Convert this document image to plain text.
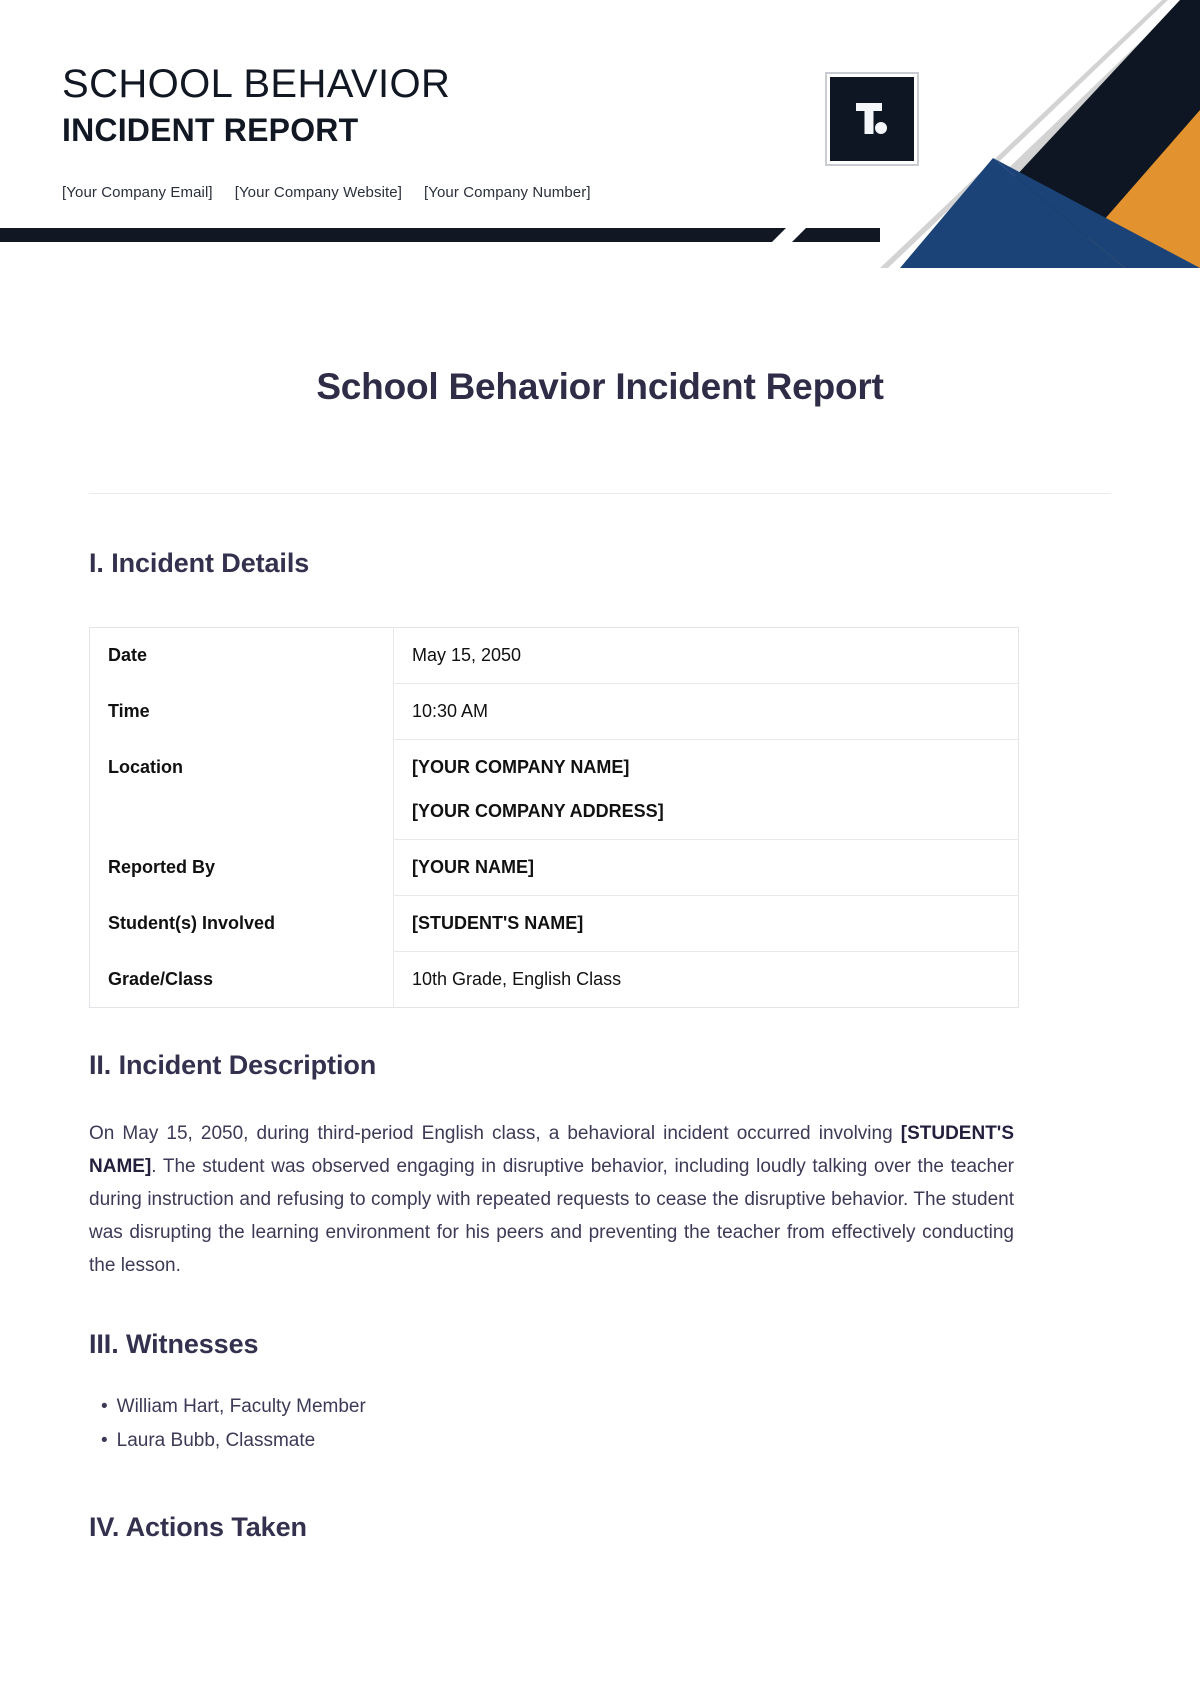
SCHOOL BEHAVIOR
INCIDENT REPORT
[Your Company Email] [Your Company Website] [Your Company Number]
School Behavior Incident Report
I. Incident Details
Date	May 15, 2050

Time	10:30 AM

Location	[YOUR COMPANY NAME]
[YOUR COMPANY ADDRESS]

Reported By	[YOUR NAME]

Student(s) Involved	[STUDENT'S NAME]

Grade/Class	10th Grade, English Class
II. Incident Description

On May 15, 2050, during third-period English class, a behavioral incident occurred involving [STUDENT'S NAME]. The student was observed engaging in disruptive behavior, including loudly talking over the teacher during instruction and refusing to comply with repeated requests to cease the disruptive behavior. The student was disrupting the learning environment for his peers and preventing the teacher from effectively conducting the lesson.

III. Witnesses
• William Hart, Faculty Member
• Laura Bubb, Classmate
IV. Actions Taken
